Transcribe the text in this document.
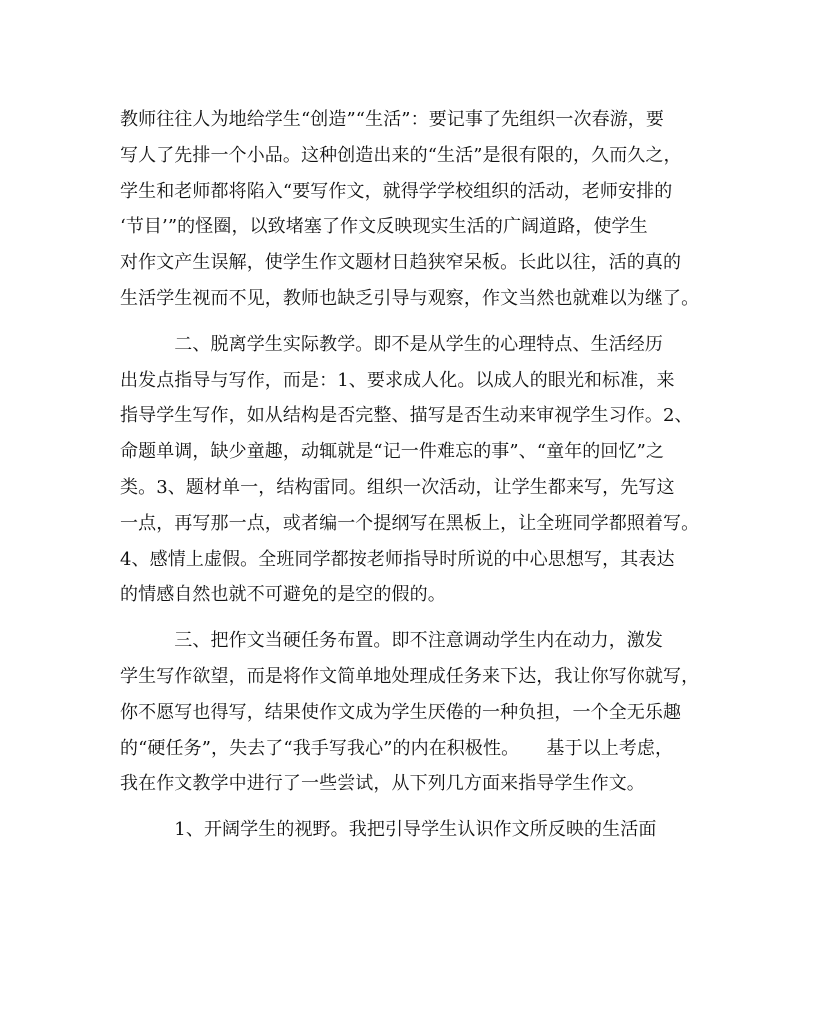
教师往往人为地给学生“创造”“生活”：要记事了先组织一次春游，要
写人了先排一个小品。这种创造出来的“生活”是很有限的，久而久之，
学生和老师都将陷入“要写作文，就得学学校组织的活动，老师安排的
‘节目’”的怪圈，以致堵塞了作文反映现实生活的广阔道路，使学生
对作文产生误解，使学生作文题材日趋狭窄呆板。长此以往，活的真的
生活学生视而不见，教师也缺乏引导与观察，作文当然也就难以为继了。
　　　二、脱离学生实际教学。即不是从学生的心理特点、生活经历
出发点指导与写作，而是：1、要求成人化。以成人的眼光和标准，来
指导学生写作，如从结构是否完整、描写是否生动来审视学生习作。2、
命题单调，缺少童趣，动辄就是“记一件难忘的事”、“童年的回忆”之
类。3、题材单一，结构雷同。组织一次活动，让学生都来写，先写这
一点，再写那一点，或者编一个提纲写在黑板上，让全班同学都照着写。
4、感情上虚假。全班同学都按老师指导时所说的中心思想写，其表达
的情感自然也就不可避免的是空的假的。
　　　三、把作文当硬任务布置。即不注意调动学生内在动力，激发
学生写作欲望，而是将作文简单地处理成任务来下达，我让你写你就写，
你不愿写也得写，结果使作文成为学生厌倦的一种负担，一个全无乐趣
的“硬任务”，失去了“我手写我心”的内在积极性。　　基于以上考虑，
我在作文教学中进行了一些尝试，从下列几方面来指导学生作文。
　　　1、开阔学生的视野。我把引导学生认识作文所反映的生活面
